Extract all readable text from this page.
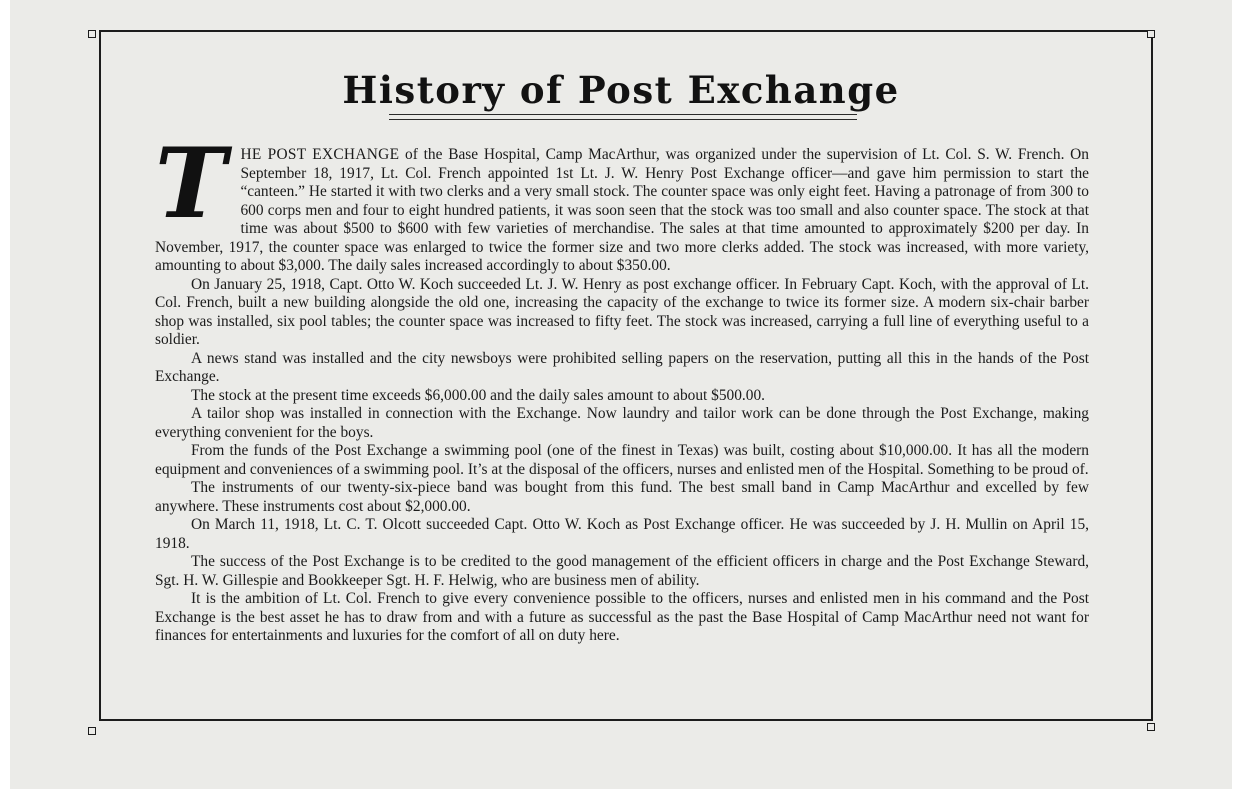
History of Post Exchange

THE POST EXCHANGE of the Base Hospital, Camp MacArthur, was organized under the supervision of Lt. Col. S. W. French. On September 18, 1917, Lt. Col. French appointed 1st Lt. J. W. Henry Post Exchange officer—and gave him permission to start the “canteen.” He started it with two clerks and a very small stock. The counter space was only eight feet. Having a patronage of from 300 to 600 corps men and four to eight hundred patients, it was soon seen that the stock was too small and also counter space. The stock at that time was about $500 to $600 with few varieties of merchandise. The sales at that time amounted to approximately $200 per day. In November, 1917, the counter space was enlarged to twice the former size and two more clerks added. The stock was increased, with more variety, amounting to about $3,000. The daily sales increased accordingly to about $350.00.

On January 25, 1918, Capt. Otto W. Koch succeeded Lt. J. W. Henry as post exchange officer. In February Capt. Koch, with the approval of Lt. Col. French, built a new building alongside the old one, increasing the capacity of the exchange to twice its former size. A modern six-chair barber shop was installed, six pool tables; the counter space was increased to fifty feet. The stock was increased, carrying a full line of everything useful to a soldier.

A news stand was installed and the city newsboys were prohibited selling papers on the reservation, putting all this in the hands of the Post Exchange.

The stock at the present time exceeds $6,000.00 and the daily sales amount to about $500.00.

A tailor shop was installed in connection with the Exchange. Now laundry and tailor work can be done through the Post Exchange, making everything convenient for the boys.

From the funds of the Post Exchange a swimming pool (one of the finest in Texas) was built, costing about $10,000.00. It has all the modern equipment and conveniences of a swimming pool. It’s at the disposal of the officers, nurses and enlisted men of the Hospital. Something to be proud of.

The instruments of our twenty-six-piece band was bought from this fund. The best small band in Camp MacArthur and excelled by few anywhere. These instruments cost about $2,000.00.

On March 11, 1918, Lt. C. T. Olcott succeeded Capt. Otto W. Koch as Post Exchange officer. He was succeeded by J. H. Mullin on April 15, 1918.

The success of the Post Exchange is to be credited to the good management of the efficient officers in charge and the Post Exchange Steward, Sgt. H. W. Gillespie and Bookkeeper Sgt. H. F. Helwig, who are business men of ability.

It is the ambition of Lt. Col. French to give every convenience possible to the officers, nurses and enlisted men in his command and the Post Exchange is the best asset he has to draw from and with a future as successful as the past the Base Hospital of Camp MacArthur need not want for finances for entertainments and luxuries for the comfort of all on duty here.
